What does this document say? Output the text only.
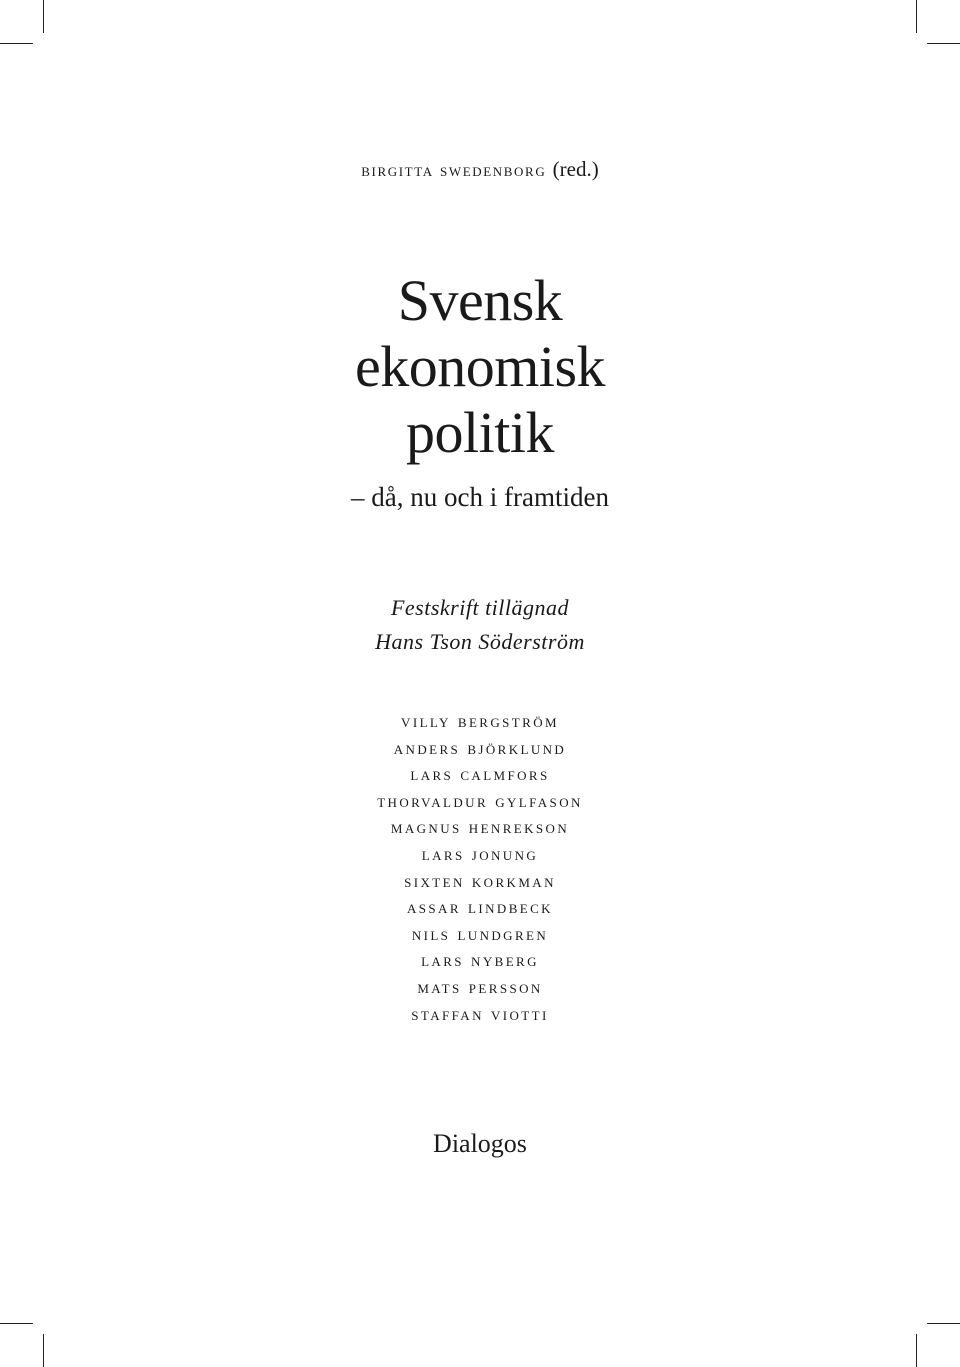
birgitta swedenborg (red.)
Svensk
ekonomisk
politik
– då, nu och i framtiden
Festskrift tillägnad
Hans Tson Söderström
villy bergström
anders björklund
lars calmfors
thorvaldur gylfason
magnus henrekson
lars jonung
sixten korkman
assar lindbeck
nils lundgren
lars nyberg
mats persson
staffan viotti
Dialogos
